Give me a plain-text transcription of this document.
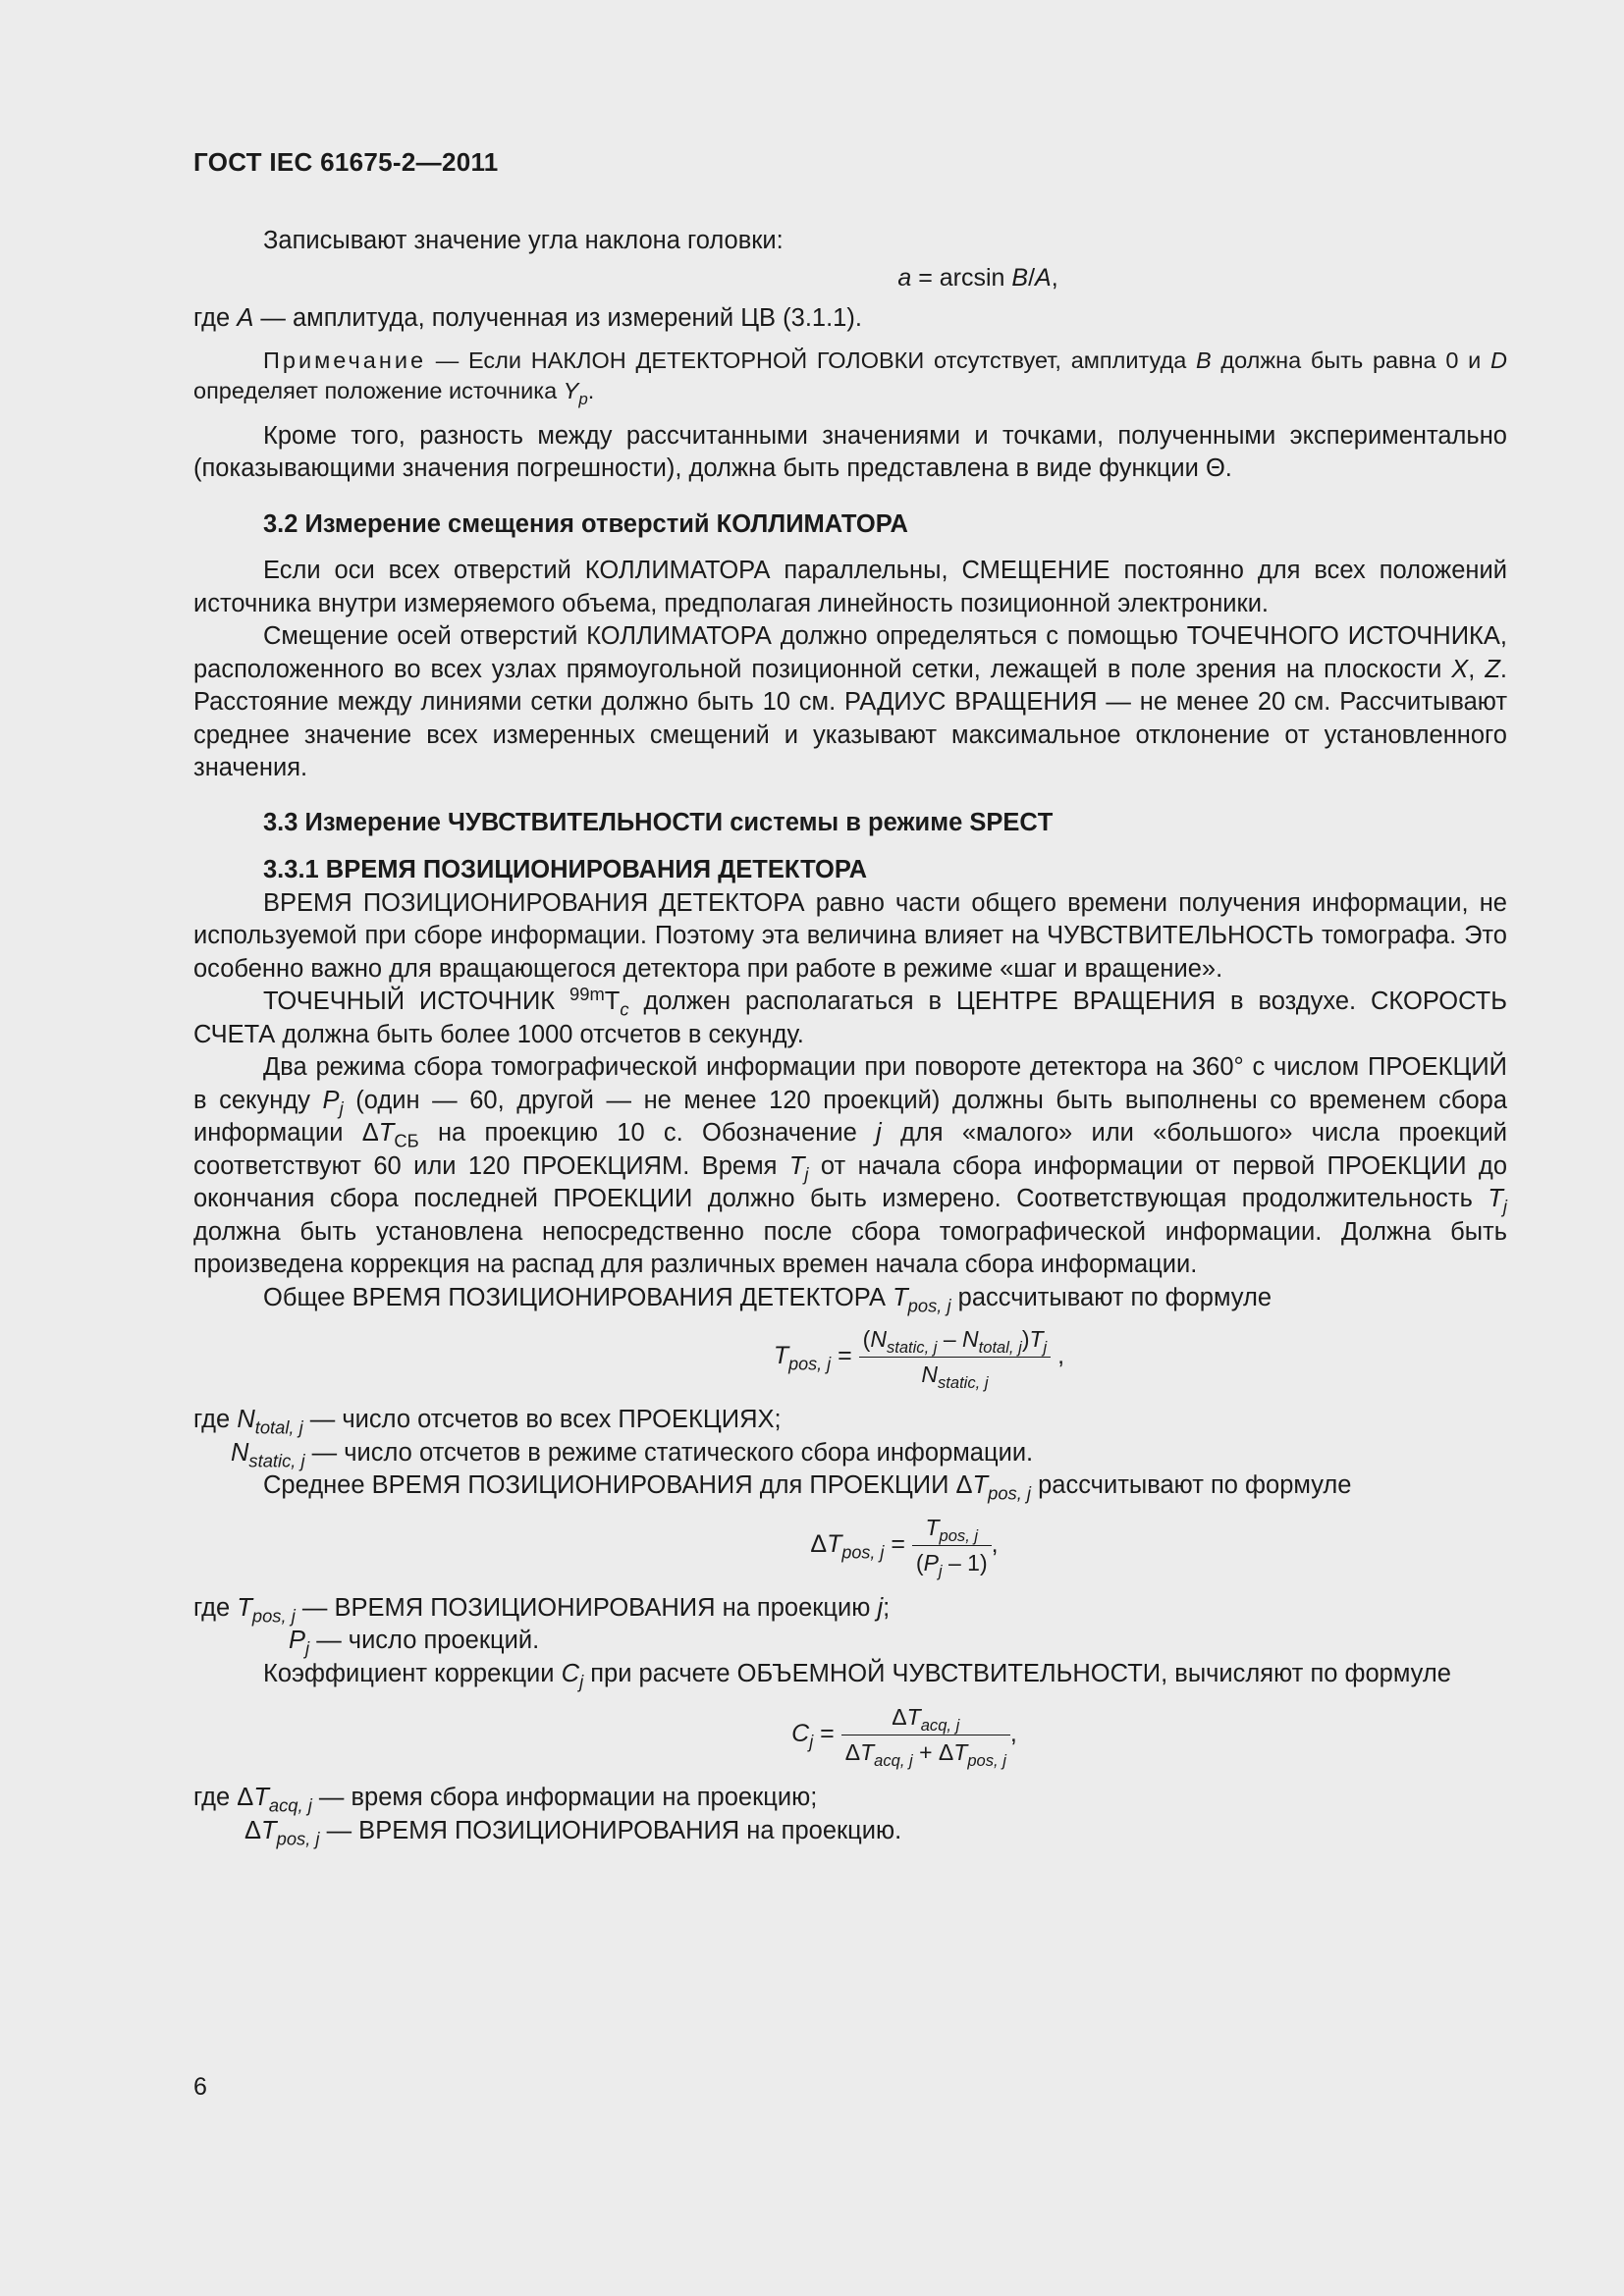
ГОСТ IEC 61675-2—2011

Записывают значение угла наклона головки:

a = arcsin B/A,

где A — амплитуда, полученная из измерений ЦВ (3.1.1).

Примечание — Если НАКЛОН ДЕТЕКТОРНОЙ ГОЛОВКИ отсутствует, амплитуда B должна быть равна 0 и D определяет положение источника $Y_p$.

Кроме того, разность между рассчитанными значениями и точками, полученными экспериментально (показывающими значения погрешности), должна быть представлена в виде функции Θ.

3.2 Измерение смещения отверстий КОЛЛИМАТОРА

Если оси всех отверстий КОЛЛИМАТОРА параллельны, СМЕЩЕНИЕ постоянно для всех положений источника внутри измеряемого объема, предполагая линейность позиционной электроники.

Смещение осей отверстий КОЛЛИМАТОРА должно определяться с помощью ТОЧЕЧНОГО ИСТОЧНИКА, расположенного во всех узлах прямоугольной позиционной сетки, лежащей в поле зрения на плоскости X, Z. Расстояние между линиями сетки должно быть 10 см. РАДИУС ВРАЩЕНИЯ — не менее 20 см. Рассчитывают среднее значение всех измеренных смещений и указывают максимальное отклонение от установленного значения.

3.3 Измерение ЧУВСТВИТЕЛЬНОСТИ системы в режиме SPECT

3.3.1 ВРЕМЯ ПОЗИЦИОНИРОВАНИЯ ДЕТЕКТОРА

ВРЕМЯ ПОЗИЦИОНИРОВАНИЯ ДЕТЕКТОРА равно части общего времени получения информации, не используемой при сборе информации. Поэтому эта величина влияет на ЧУВСТВИТЕЛЬНОСТЬ томографа. Это особенно важно для вращающегося детектора при работе в режиме «шаг и вращение».

ТОЧЕЧНЫЙ ИСТОЧНИК $^{99m}T_c$ должен располагаться в ЦЕНТРЕ ВРАЩЕНИЯ в воздухе. СКОРОСТЬ СЧЕТА должна быть более 1000 отсчетов в секунду.

Два режима сбора томографической информации при повороте детектора на 360° с числом ПРОЕКЦИЙ в секунду $P_j$ (один — 60, другой — не менее 120 проекций) должны быть выполнены со временем сбора информации $\Delta T_{СБ}$ на проекцию 10 с. Обозначение j для «малого» или «большого» числа проекций соответствуют 60 или 120 ПРОЕКЦИЯМ. Время $T_j$ от начала сбора информации от первой ПРОЕКЦИИ до окончания сбора последней ПРОЕКЦИИ должно быть измерено. Соответствующая продолжительность $T_j$ должна быть установлена непосредственно после сбора томографической информации. Должна быть произведена коррекция на распад для различных времен начала сбора информации.

Общее ВРЕМЯ ПОЗИЦИОНИРОВАНИЯ ДЕТЕКТОРА $T_{pos, j}$ рассчитывают по формуле

$T_{pos, j} = \frac{(N_{static, j} - N_{total, j})T_j}{N_{static, j}}$ ,

где $N_{total, j}$ — число отсчетов во всех ПРОЕКЦИЯХ;

$N_{static, j}$ — число отсчетов в режиме статического сбора информации.

Среднее ВРЕМЯ ПОЗИЦИОНИРОВАНИЯ для ПРОЕКЦИИ $\Delta T_{pos, j}$ рассчитывают по формуле

$\Delta T_{pos, j} = \frac{T_{pos, j}}{(P_j - 1)}$ ,

где $T_{pos, j}$ — ВРЕМЯ ПОЗИЦИОНИРОВАНИЯ на проекцию j;

$P_j$ — число проекций.

Коэффициент коррекции $C_j$ при расчете ОБЪЕМНОЙ ЧУВСТВИТЕЛЬНОСТИ, вычисляют по формуле

$C_j = \frac{\Delta T_{acq, j}}{\Delta T_{acq, j} + \Delta T_{pos, j}}$ ,

где $\Delta T_{acq, j}$ — время сбора информации на проекцию;

$\Delta T_{pos, j}$ — ВРЕМЯ ПОЗИЦИОНИРОВАНИЯ на проекцию.

6
